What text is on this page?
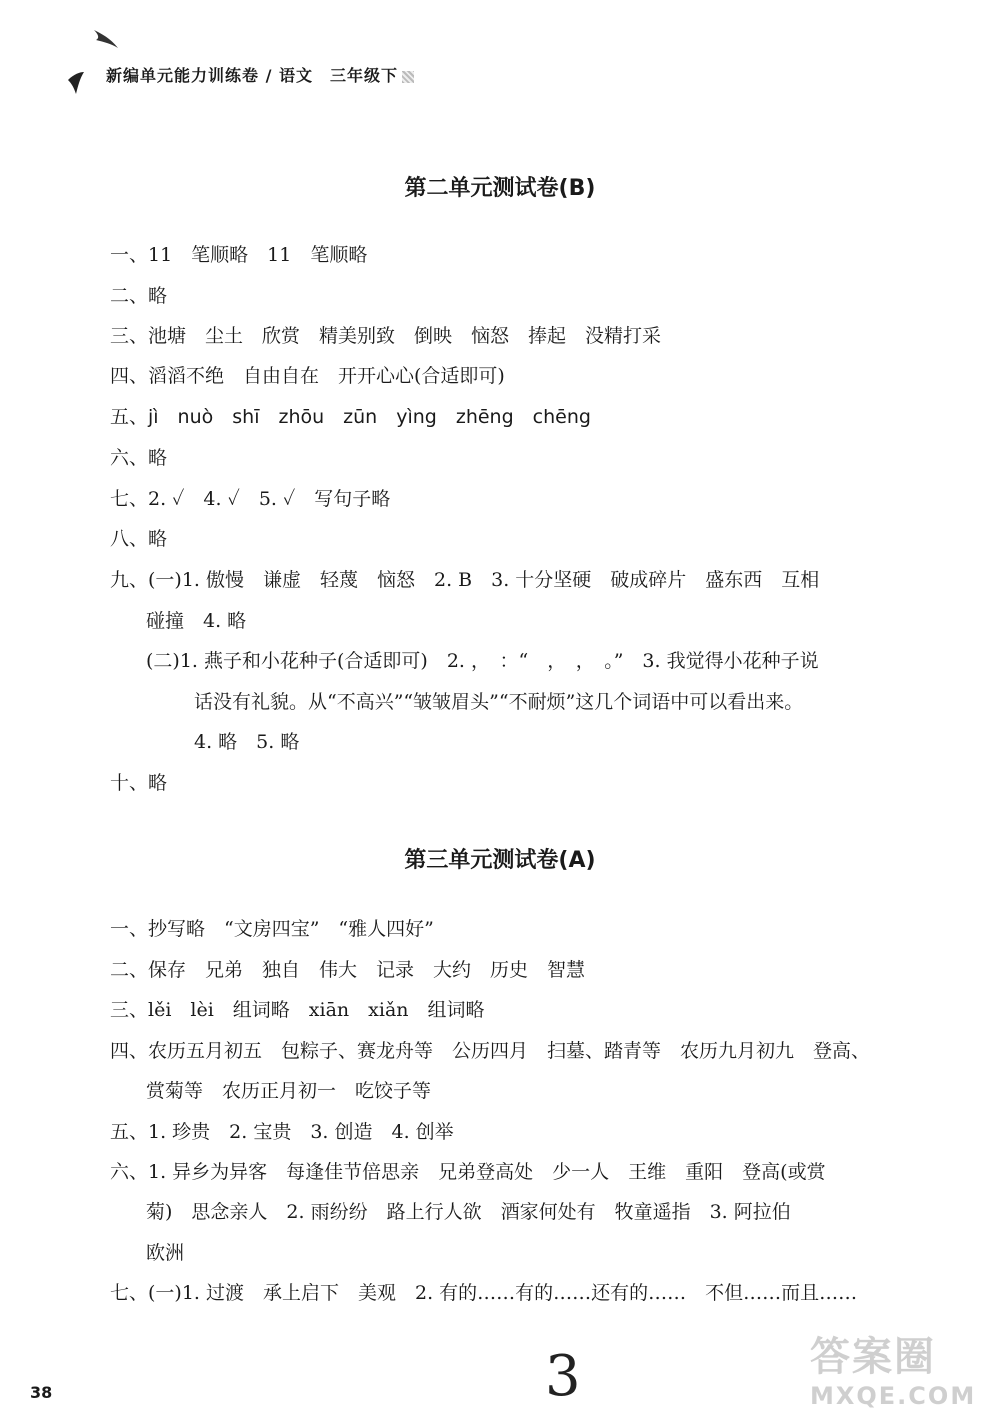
新编单元能力训练卷 / 语文　三年级下
第二单元测试卷(B)
一、11　笔顺略　11　笔顺略
二、略
三、池塘　尘土　欣赏　精美别致　倒映　恼怒　捧起　没精打采
四、滔滔不绝　自由自在　开开心心(合适即可)
五、jì　nuò　shī　zhōu　zūn　yìng　zhēng　chēng
六、略
七、2. ✓　4. ✓　5. ✓　写句子略
八、略
九、(一)1. 傲慢　谦虚　轻蔑　恼怒　2. B　3. 十分坚硬　破成碎片　盛东西　互相
碰撞　4. 略
(二)1. 燕子和小花种子(合适即可)　2. ，　：“　，　，　。”　3. 我觉得小花种子说
话没有礼貌。从“不高兴”“皱皱眉头”“不耐烦”这几个词语中可以看出来。
4. 略　5. 略
十、略
第三单元测试卷(A)
一、抄写略　“文房四宝”　“雅人四好”
二、保存　兄弟　独自　伟大　记录　大约　历史　智慧
三、lěi　lèi　组词略　xiān　xiǎn　组词略
四、农历五月初五　包粽子、赛龙舟等　公历四月　扫墓、踏青等　农历九月初九　登高、
赏菊等　农历正月初一　吃饺子等
五、1. 珍贵　2. 宝贵　3. 创造　4. 创举
六、1. 异乡为异客　每逢佳节倍思亲　兄弟登高处　少一人　王维　重阳　登高(或赏
菊)　思念亲人　2. 雨纷纷　路上行人欲　酒家何处有　牧童遥指　3. 阿拉伯
欧洲
七、(一)1. 过渡　承上启下　美观　2. 有的……有的……还有的……　不但……而且……
38	3	答案圈
MXQE.COM
